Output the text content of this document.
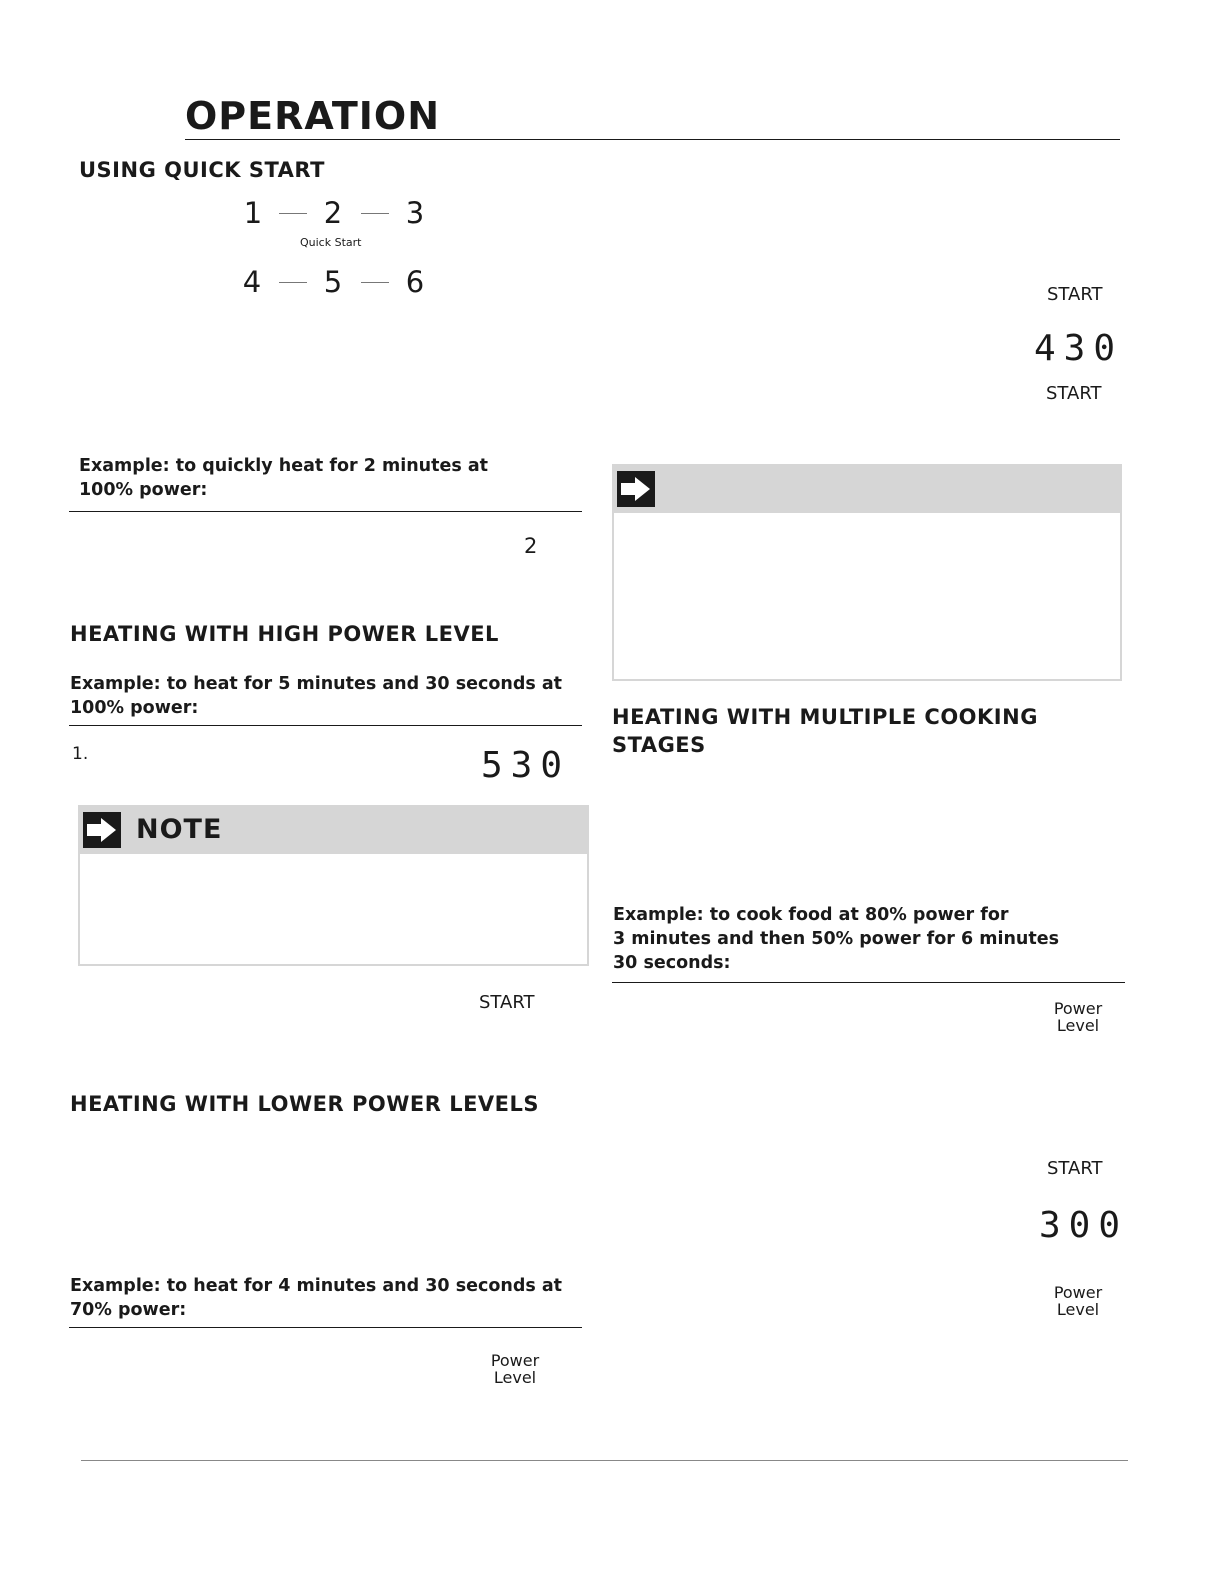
OPERATION
USING QUICK START
1	2	3
Quick Start
4	5	6
Example: to quickly heat for 2 minutes at 100% power:
2
START
430
START
HEATING WITH HIGH POWER LEVEL
Example: to heat for 5 minutes and 30 seconds at 100% power:
1.	530
NOTE
START
HEATING WITH LOWER POWER LEVELS
Example: to heat for 4 minutes and 30 seconds at 70% power:
Power
Level
HEATING WITH MULTIPLE COOKING
STAGES
Example: to cook food at 80% power for
3 minutes and then 50% power for 6 minutes
30 seconds:
Power
Level
START
300
Power
Level
